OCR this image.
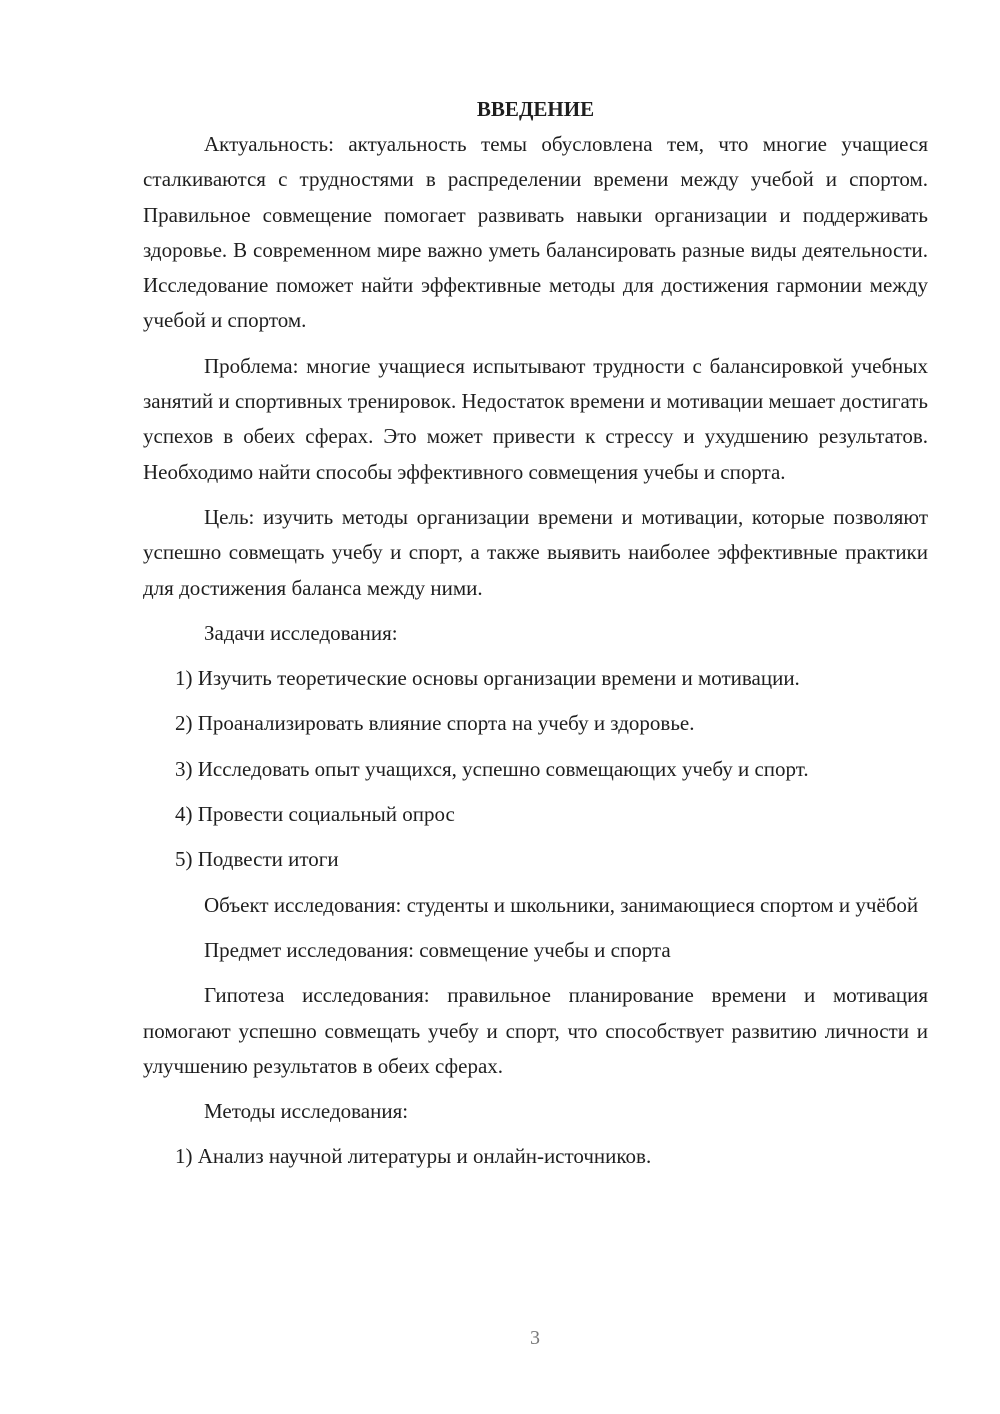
ВВЕДЕНИЕ

Актуальность: актуальность темы обусловлена тем, что многие учащиеся сталкиваются с трудностями в распределении времени между учебой и спортом. Правильное совмещение помогает развивать навыки организации и поддерживать здоровье. В современном мире важно уметь балансировать разные виды деятельности. Исследование поможет найти эффективные методы для достижения гармонии между учебой и спортом.

Проблема: многие учащиеся испытывают трудности с балансировкой учебных занятий и спортивных тренировок. Недостаток времени и мотивации мешает достигать успехов в обеих сферах. Это может привести к стрессу и ухудшению результатов. Необходимо найти способы эффективного совмещения учебы и спорта.

Цель: изучить методы организации времени и мотивации, которые позволяют успешно совмещать учебу и спорт, а также выявить наиболее эффективные практики для достижения баланса между ними.

Задачи исследования:

1) Изучить теоретические основы организации времени и мотивации.

2) Проанализировать влияние спорта на учебу и здоровье.

3) Исследовать опыт учащихся, успешно совмещающих учебу и спорт.

4) Провести социальный опрос

5) Подвести итоги

Объект исследования: студенты и школьники, занимающиеся спортом и учёбой

Предмет исследования: совмещение учебы и спорта

Гипотеза исследования: правильное планирование времени и мотивация помогают успешно совмещать учебу и спорт, что способствует развитию личности и улучшению результатов в обеих сферах.

Методы исследования:

1) Анализ научной литературы и онлайн-источников.

3
